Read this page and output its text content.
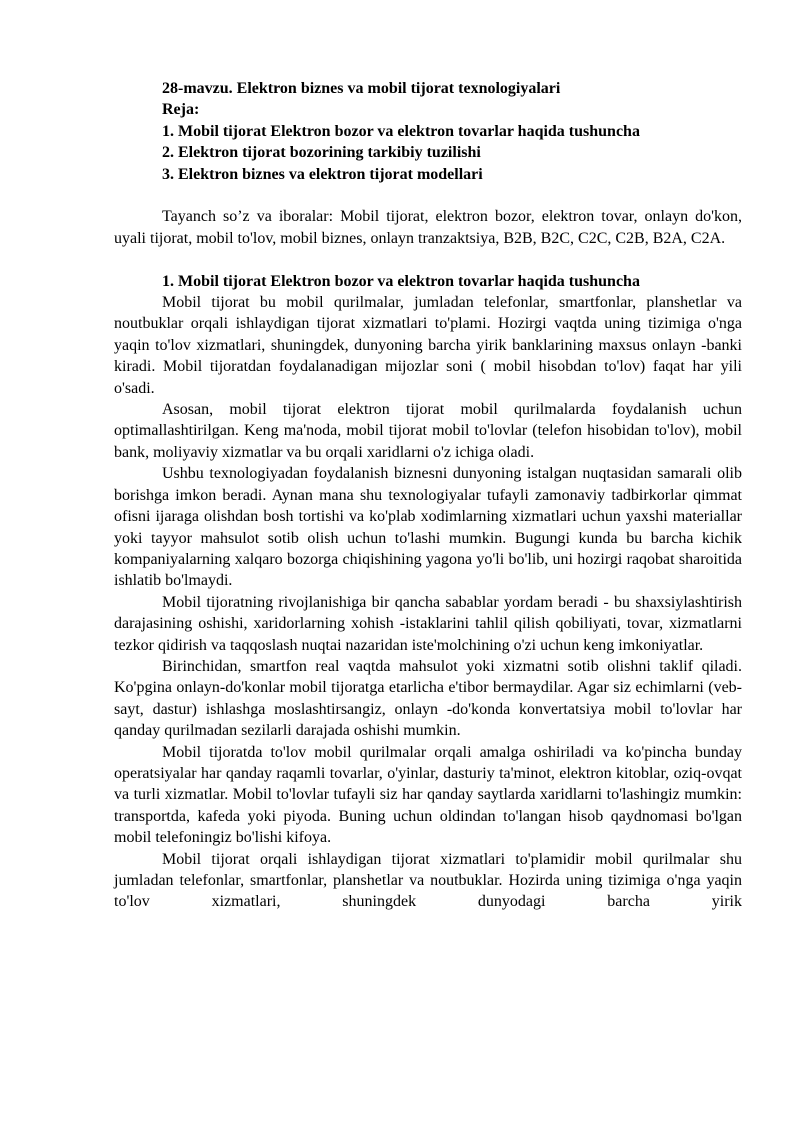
28-mavzu. Elektron biznes va mobil tijorat texnologiyalari
Reja:
1. Mobil tijorat Elektron bozor va elektron tovarlar haqida tushuncha
2. Elektron tijorat bozorining tarkibiy tuzilishi
3. Elektron biznes va elektron tijorat modellari

Tayanch so’z va iboralar: Mobil tijorat, elektron bozor, elektron tovar, onlayn do'kon, uyali tijorat, mobil to'lov, mobil biznes, onlayn tranzaktsiya, B2B, B2C, C2C, C2B, B2A, C2A.

1. Mobil tijorat Elektron bozor va elektron tovarlar haqida tushuncha

Mobil tijorat bu mobil qurilmalar, jumladan telefonlar, smartfonlar, planshetlar va noutbuklar orqali ishlaydigan tijorat xizmatlari to'plami. Hozirgi vaqtda uning tizimiga o'nga yaqin to'lov xizmatlari, shuningdek, dunyoning barcha yirik banklarining maxsus onlayn -banki kiradi. Mobil tijoratdan foydalanadigan mijozlar soni ( mobil hisobdan to'lov) faqat har yili o'sadi.

Asosan, mobil tijorat elektron tijorat mobil qurilmalarda foydalanish uchun optimallashtirilgan. Keng ma'noda, mobil tijorat mobil to'lovlar (telefon hisobidan to'lov), mobil bank, moliyaviy xizmatlar va bu orqali xaridlarni o'z ichiga oladi.

Ushbu texnologiyadan foydalanish biznesni dunyoning istalgan nuqtasidan samarali olib borishga imkon beradi. Aynan mana shu texnologiyalar tufayli zamonaviy tadbirkorlar qimmat ofisni ijaraga olishdan bosh tortishi va ko'plab xodimlarning xizmatlari uchun yaxshi materiallar yoki tayyor mahsulot sotib olish uchun to'lashi mumkin. Bugungi kunda bu barcha kichik kompaniyalarning xalqaro bozorga chiqishining yagona yo'li bo'lib, uni hozirgi raqobat sharoitida ishlatib bo'lmaydi.

Mobil tijoratning rivojlanishiga bir qancha sabablar yordam beradi - bu shaxsiylashtirish darajasining oshishi, xaridorlarning xohish -istaklarini tahlil qilish qobiliyati, tovar, xizmatlarni tezkor qidirish va taqqoslash nuqtai nazaridan iste'molchining o'zi uchun keng imkoniyatlar.

Birinchidan, smartfon real vaqtda mahsulot yoki xizmatni sotib olishni taklif qiladi. Ko'pgina onlayn-do'konlar mobil tijoratga etarlicha e'tibor bermaydilar. Agar siz echimlarni (veb-sayt, dastur) ishlashga moslashtirsangiz, onlayn -do'konda konvertatsiya mobil to'lovlar har qanday qurilmadan sezilarli darajada oshishi mumkin.

Mobil tijoratda to'lov mobil qurilmalar orqali amalga oshiriladi va ko'pincha bunday operatsiyalar har qanday raqamli tovarlar, o'yinlar, dasturiy ta'minot, elektron kitoblar, oziq-ovqat va turli xizmatlar. Mobil to'lovlar tufayli siz har qanday saytlarda xaridlarni to'lashingiz mumkin: transportda, kafeda yoki piyoda. Buning uchun oldindan to'langan hisob qaydnomasi bo'lgan mobil telefoningiz bo'lishi kifoya.

Mobil tijorat orqali ishlaydigan tijorat xizmatlari to'plamidir mobil qurilmalar shu jumladan telefonlar, smartfonlar, planshetlar va noutbuklar. Hozirda uning tizimiga o'nga yaqin to'lov xizmatlari, shuningdek dunyodagi barcha yirik
